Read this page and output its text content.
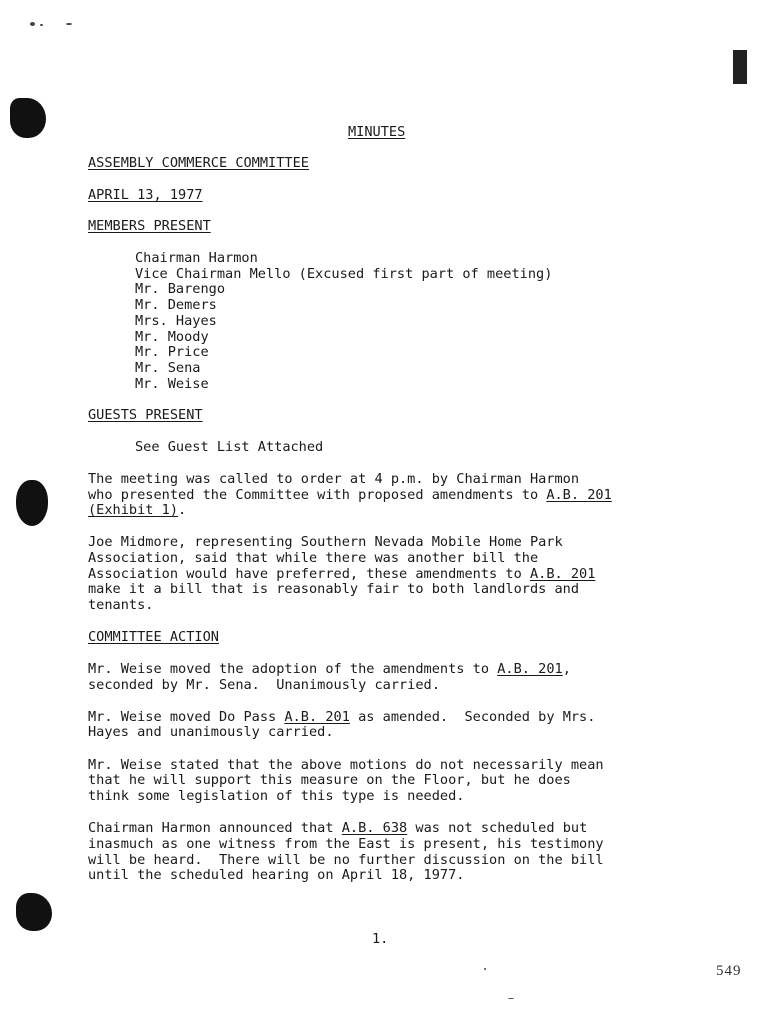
MINUTES
ASSEMBLY COMMERCE COMMITTEE
APRIL 13, 1977
MEMBERS PRESENT
Chairman Harmon
Vice Chairman Mello (Excused first part of meeting)
Mr. Barengo
Mr. Demers
Mrs. Hayes
Mr. Moody
Mr. Price
Mr. Sena
Mr. Weise
GUESTS PRESENT
See Guest List Attached
The meeting was called to order at 4 p.m. by Chairman Harmon
who presented the Committee with proposed amendments to A.B. 201
(Exhibit 1).
Joe Midmore, representing Southern Nevada Mobile Home Park
Association, said that while there was another bill the
Association would have preferred, these amendments to A.B. 201
make it a bill that is reasonably fair to both landlords and
tenants.
COMMITTEE ACTION
Mr. Weise moved the adoption of the amendments to A.B. 201,
seconded by Mr. Sena.  Unanimously carried.
Mr. Weise moved Do Pass A.B. 201 as amended.  Seconded by Mrs.
Hayes and unanimously carried.
Mr. Weise stated that the above motions do not necessarily mean
that he will support this measure on the Floor, but he does
think some legislation of this type is needed.
Chairman Harmon announced that A.B. 638 was not scheduled but
inasmuch as one witness from the East is present, his testimony
will be heard.  There will be no further discussion on the bill
until the scheduled hearing on April 18, 1977.
1.
549
